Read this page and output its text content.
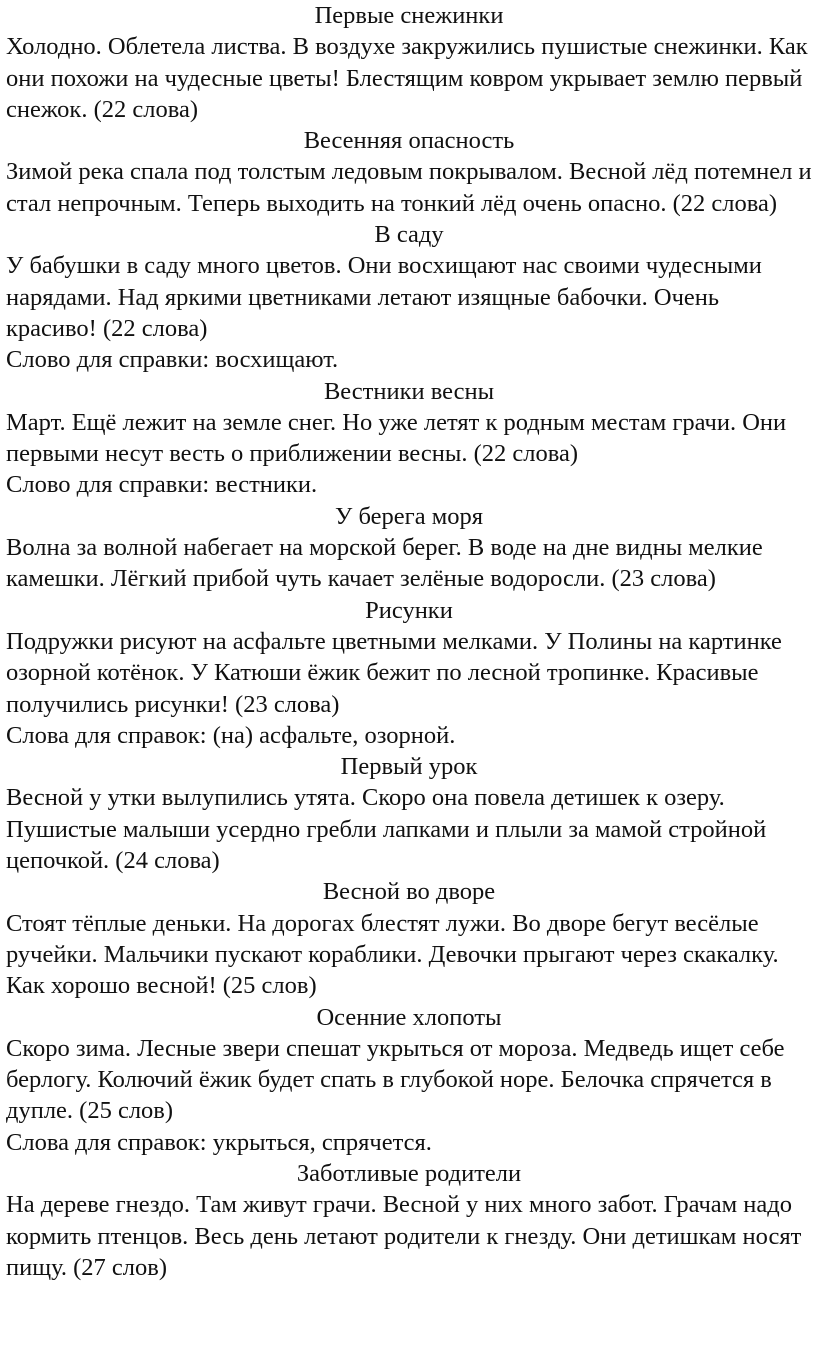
Первые снежинки

Холодно. Облетела листва. В воздухе закружились пушистые снежинки. Как они похожи на чудесные цветы! Блестящим ковром укрывает землю первый снежок. (22 слова)

Весенняя опасность

Зимой река спала под толстым ледовым покрывалом. Весной лёд потемнел и стал непрочным. Теперь выходить на тонкий лёд очень опасно. (22 слова)

В саду

У бабушки в саду много цветов. Они восхищают нас своими чудесными нарядами. Над яркими цветниками летают изящные бабочки. Очень красиво! (22 слова)

Слово для справки: восхищают.

Вестники весны

Март. Ещё лежит на земле снег. Но уже летят к родным местам грачи. Они первыми несут весть о приближении весны. (22 слова)

Слово для справки: вестники.

У берега моря

Волна за волной набегает на морской берег. В воде на дне видны мелкие камешки. Лёгкий прибой чуть качает зелёные водоросли. (23 слова)

Рисунки

Подружки рисуют на асфальте цветными мелками. У Полины на картинке озорной котёнок. У Катюши ёжик бежит по лесной тропинке. Красивые получились рисунки! (23 слова)

Слова для справок: (на) асфальте, озорной.

Первый урок

Весной у утки вылупились утята. Скоро она повела детишек к озеру. Пушистые малыши усердно гребли лапками и плыли за мамой стройной цепочкой. (24 слова)

Весной во дворе

Стоят тёплые деньки. На дорогах блестят лужи. Во дворе бегут весёлые ручейки. Мальчики пускают кораблики. Девочки прыгают через скакалку. Как хорошо весной! (25 слов)

Осенние хлопоты

Скоро зима. Лесные звери спешат укрыться от мороза. Медведь ищет себе берлогу. Колючий ёжик будет спать в глубокой норе. Белочка спрячется в дупле. (25 слов)

Слова для справок: укрыться, спрячется.

Заботливые родители

На дереве гнездо. Там живут грачи. Весной у них много забот. Грачам надо кормить птенцов. Весь день летают родители к гнезду. Они детишкам носят пищу. (27 слов)
